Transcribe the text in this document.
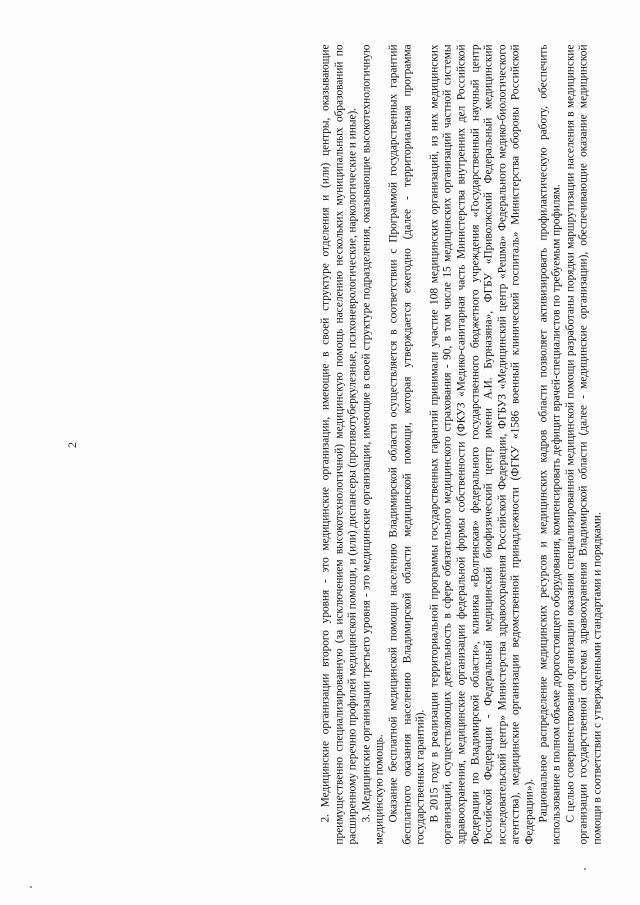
2	2. Медицинские организации второго уровня - это медицинские организации, имеющие в своей структуре отделения и (или) центры, оказывающие преимущественно специализированную (за исключением высокотехнологичной) медицинскую помощь населению нескольких муниципальных образований по расширенному перечню профилей медицинской помощи, и (или) диспансеры (противотуберкулезные, психоневрологические, наркологические и иные). 3. Медицинские организации третьего уровня - это медицинские организации, имеющие в своей структуре подразделения, оказывающие высокотехнологичную медицинскую помощь. Оказание бесплатной медицинской помощи населению Владимирской области осуществляется в соответствии с Программой государственных гарантий бесплатного оказания населению Владимирской области медицинской помощи, которая утверждается ежегодно (далее - территориальная программа государственных гарантий). В 2015 году в реализации территориальной программы государственных гарантий принимали участие 108 медицинских организаций, из них медицинских организаций, осуществляющих деятельность в сфере обязательного медицинского страхования - 90, в том числе 15 медицинских организаций частной системы здравоохранения, медицинские организации федеральной формы собственности (ФКУЗ «Медико-санитарная часть Министерства внутренних дел Российской Федерации по Владимирской области», клиника «Волгинская» федерального государственного бюджетного учреждения «Государственный научный центр Российской Федерации - Федеральный медицинский биофизический центр имени А.И. Бурназяна», ФГБУ «Приволжский Федеральный медицинский исследовательский центр» Министерства здравоохранения Российской Федерации, ФГБУЗ «Медицинский центр «Решма» Федерального медико-биологического агентства), медицинские организации ведомственной принадлежности (ФГКУ «1586 военный клинический госпиталь» Министерства обороны Российской Федерации»). Рациональное распределение медицинских ресурсов и медицинских кадров области позволяет активизировать профилактическую работу, обеспечить использование в полном объеме дорогостоящего оборудования, компенсировать дефицит врачей-специалистов по требуемым профилям. С целью совершенствования организации оказания специализированной медицинской помощи разработаны порядки маршрутизации населения в медицинские организации государственной системы здравоохранения Владимирской области (далее - медицинские организации), обеспечивающие оказание медицинской помощи в соответствии с утвержденными стандартами и порядками.
